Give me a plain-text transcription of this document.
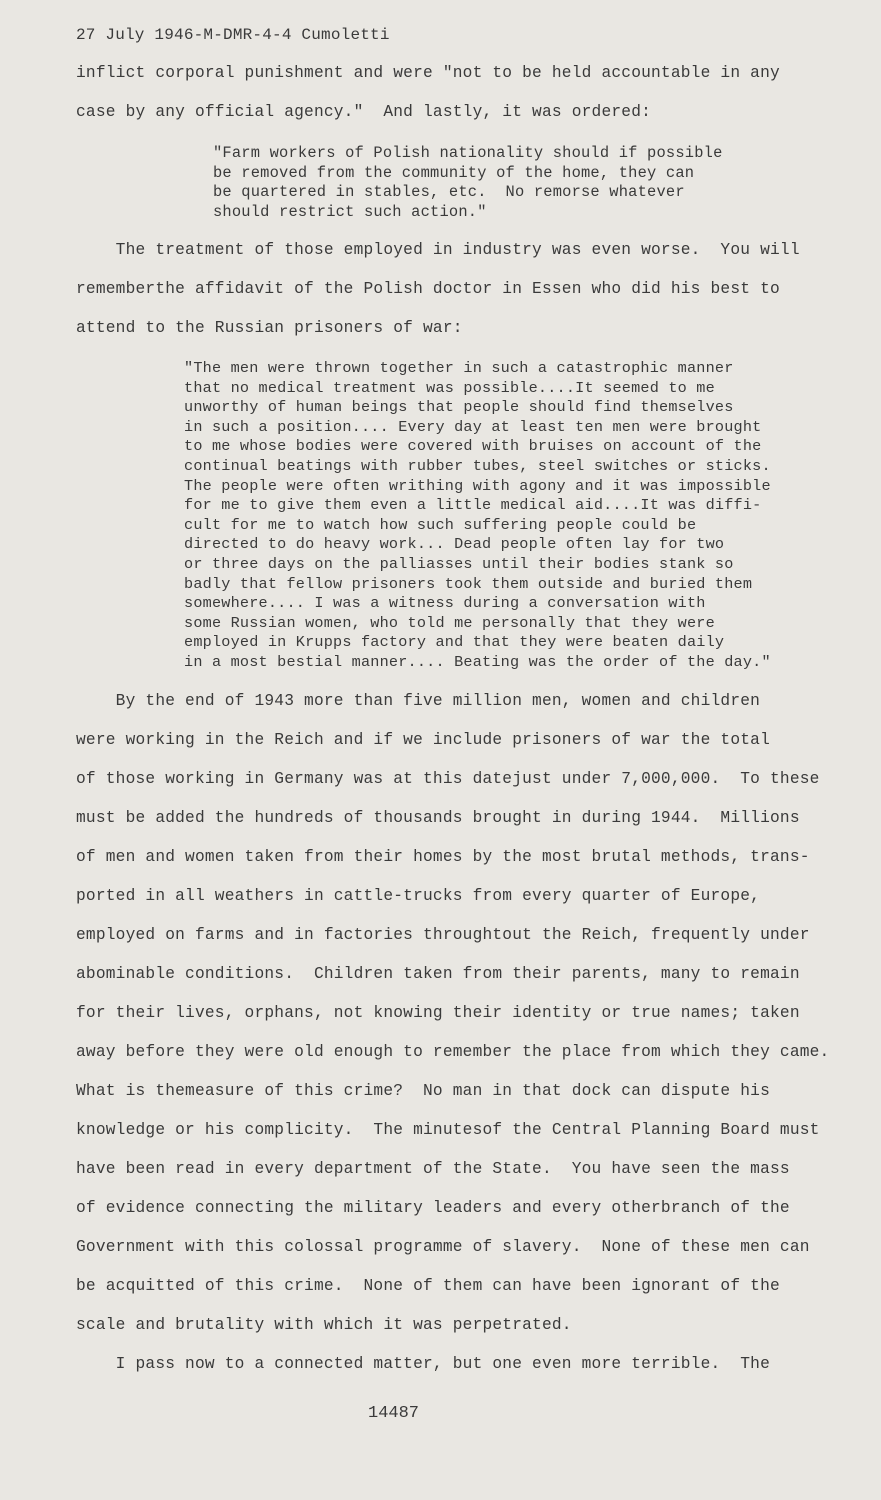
27 July 1946-M-DMR-4-4 Cumoletti
inflict corporal punishment and were "not to be held accountable in any
case by any official agency."  And lastly, it was ordered:
"Farm workers of Polish nationality should if possible
be removed from the community of the home, they can
be quartered in stables, etc.  No remorse whatever
should restrict such action."
The treatment of those employed in industry was even worse.  You will
rememberthe affidavit of the Polish doctor in Essen who did his best to
attend to the Russian prisoners of war:
"The men were thrown together in such a catastrophic manner
that no medical treatment was possible....It seemed to me
unworthy of human beings that people should find themselves
in such a position.... Every day at least ten men were brought
to me whose bodies were covered with bruises on account of the
continual beatings with rubber tubes, steel switches or sticks.
The people were often writhing with agony and it was impossible
for me to give them even a little medical aid....It was diffi-
cult for me to watch how such suffering people could be
directed to do heavy work... Dead people often lay for two
or three days on the palliasses until their bodies stank so
badly that fellow prisoners took them outside and buried them
somewhere.... I was a witness during a conversation with
some Russian women, who told me personally that they were
employed in Krupps factory and that they were beaten daily
in a most bestial manner.... Beating was the order of the day."
By the end of 1943 more than five million men, women and children
were working in the Reich and if we include prisoners of war the total
of those working in Germany was at this datejust under 7,000,000.  To these
must be added the hundreds of thousands brought in during 1944.  Millions
of men and women taken from their homes by the most brutal methods, trans-
ported in all weathers in cattle-trucks from every quarter of Europe,
employed on farms and in factories throughtout the Reich, frequently under
abominable conditions.  Children taken from their parents, many to remain
for their lives, orphans, not knowing their identity or true names; taken
away before they were old enough to remember the place from which they came.
What is themeasure of this crime?  No man in that dock can dispute his
knowledge or his complicity.  The minutesof the Central Planning Board must
have been read in every department of the State.  You have seen the mass
of evidence connecting the military leaders and every otherbranch of the
Government with this colossal programme of slavery.  None of these men can
be acquitted of this crime.  None of them can have been ignorant of the
scale and brutality with which it was perpetrated.
I pass now to a connected matter, but one even more terrible.  The
14487
